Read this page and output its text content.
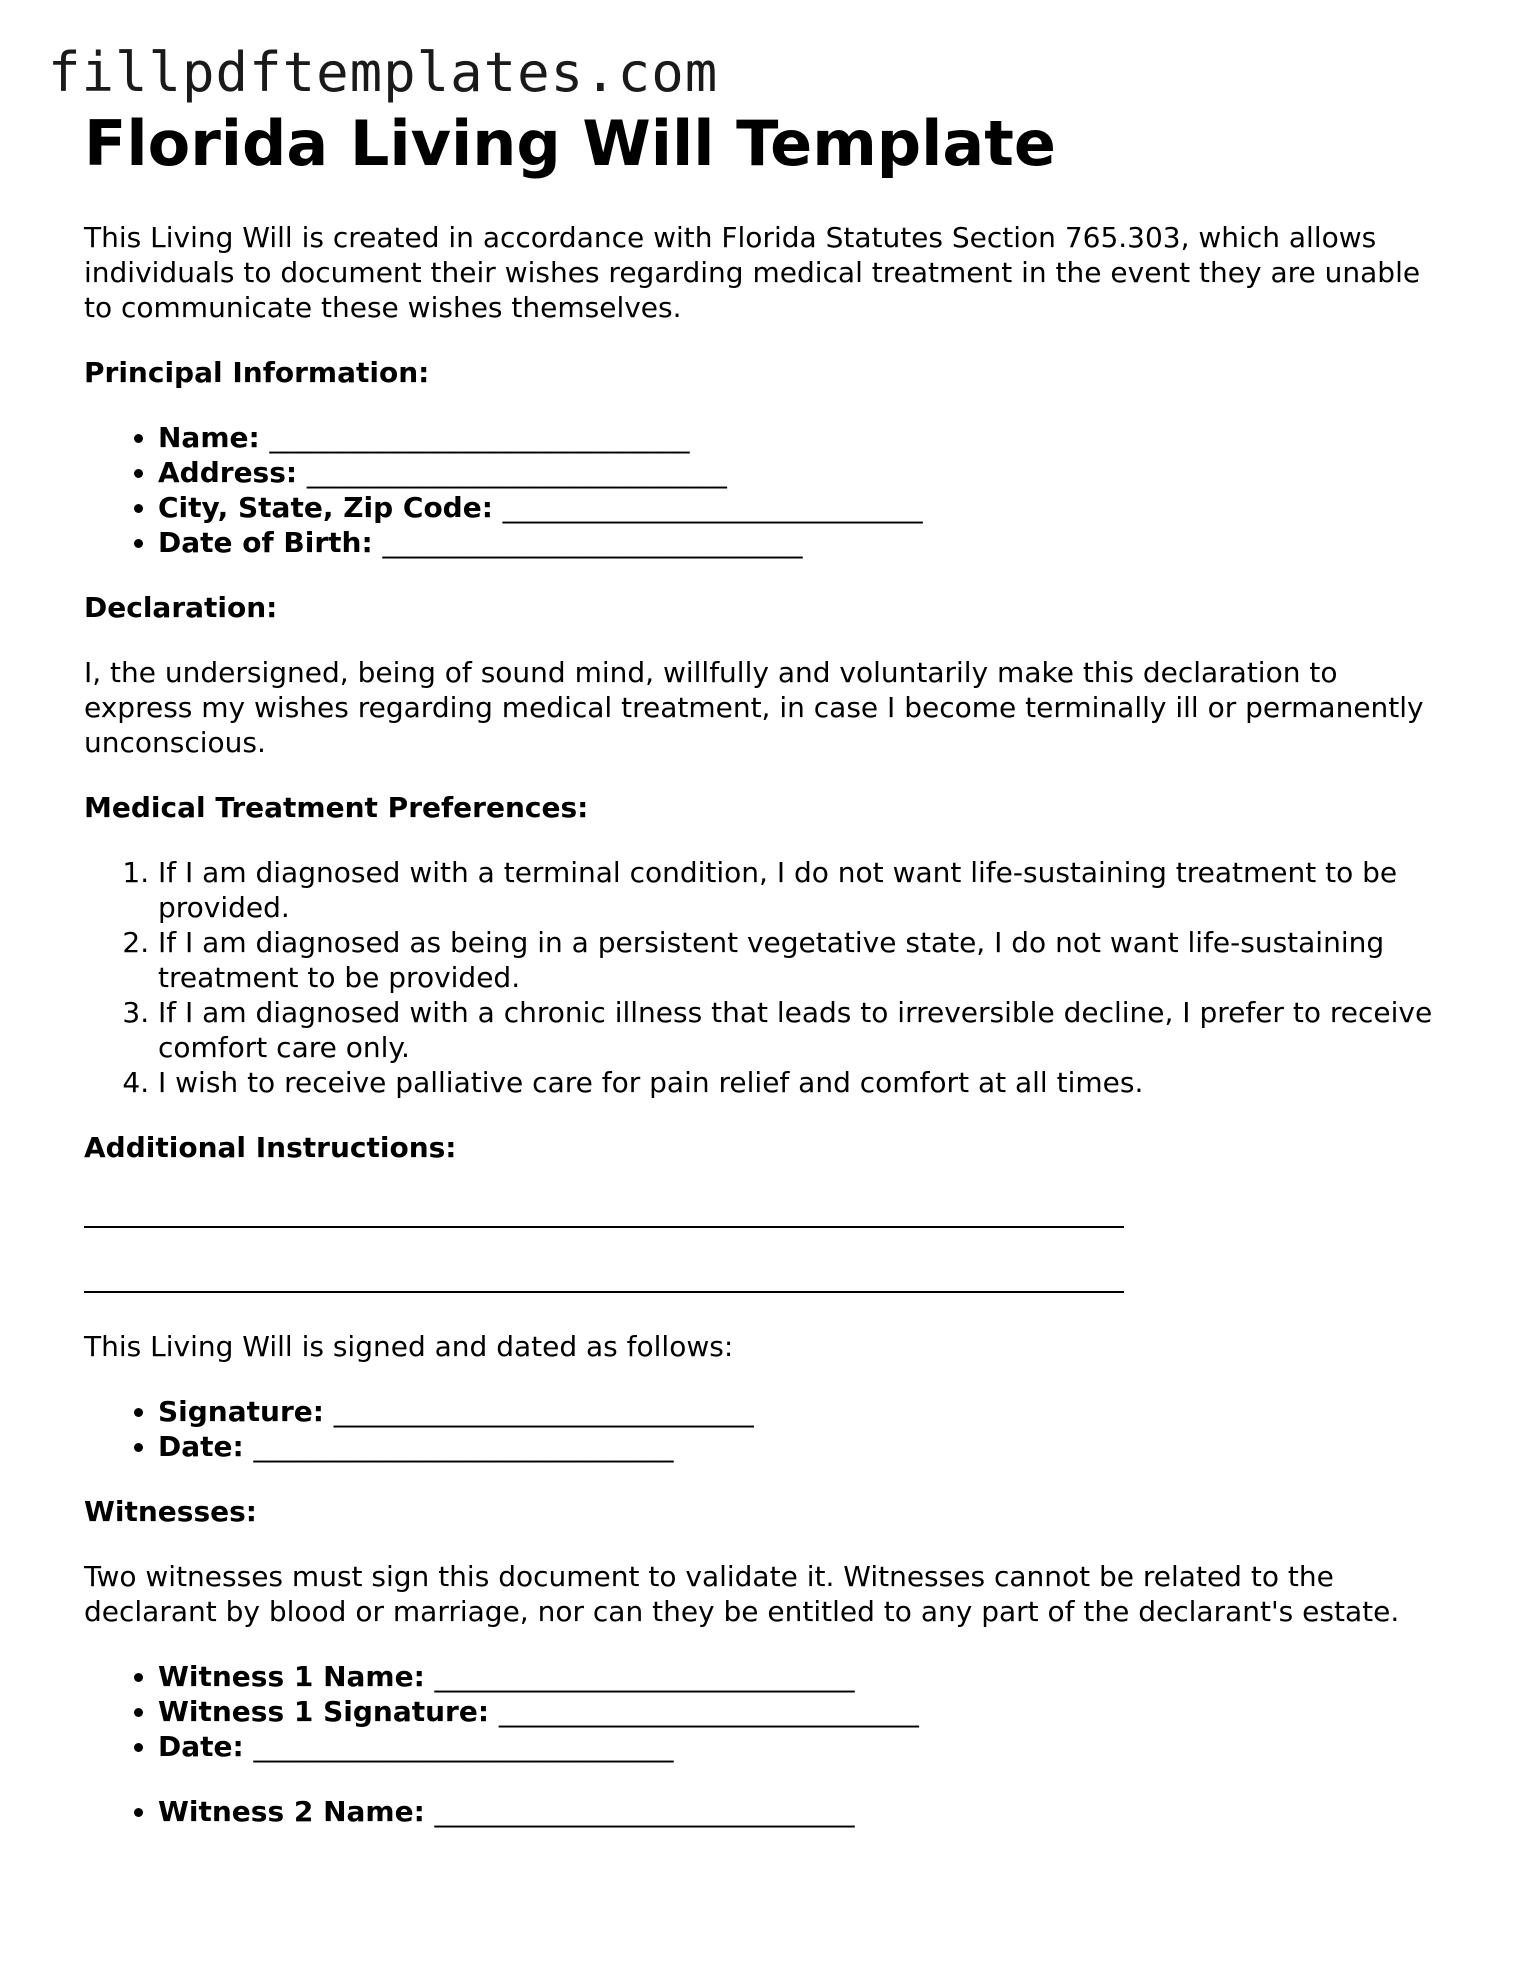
fillpdftemplates.com
Florida Living Will Template

This Living Will is created in accordance with Florida Statutes Section 765.303, which allows individuals to document their wishes regarding medical treatment in the event they are unable to communicate these wishes themselves.

Principal Information:

• Name: ______________________________
• Address: ______________________________
• City, State, Zip Code: ______________________________
• Date of Birth: ______________________________

Declaration:

I, the undersigned, being of sound mind, willfully and voluntarily make this declaration to express my wishes regarding medical treatment, in case I become terminally ill or permanently unconscious.

Medical Treatment Preferences:

1. If I am diagnosed with a terminal condition, I do not want life-sustaining treatment to be provided.
2. If I am diagnosed as being in a persistent vegetative state, I do not want life-sustaining treatment to be provided.
3. If I am diagnosed with a chronic illness that leads to irreversible decline, I prefer to receive comfort care only.
4. I wish to receive palliative care for pain relief and comfort at all times.

Additional Instructions:

This Living Will is signed and dated as follows:

• Signature: ______________________________
• Date: ______________________________

Witnesses:

Two witnesses must sign this document to validate it. Witnesses cannot be related to the declarant by blood or marriage, nor can they be entitled to any part of the declarant's estate.

• Witness 1 Name: ______________________________
• Witness 1 Signature: ______________________________
• Date: ______________________________
• Witness 2 Name: ______________________________
